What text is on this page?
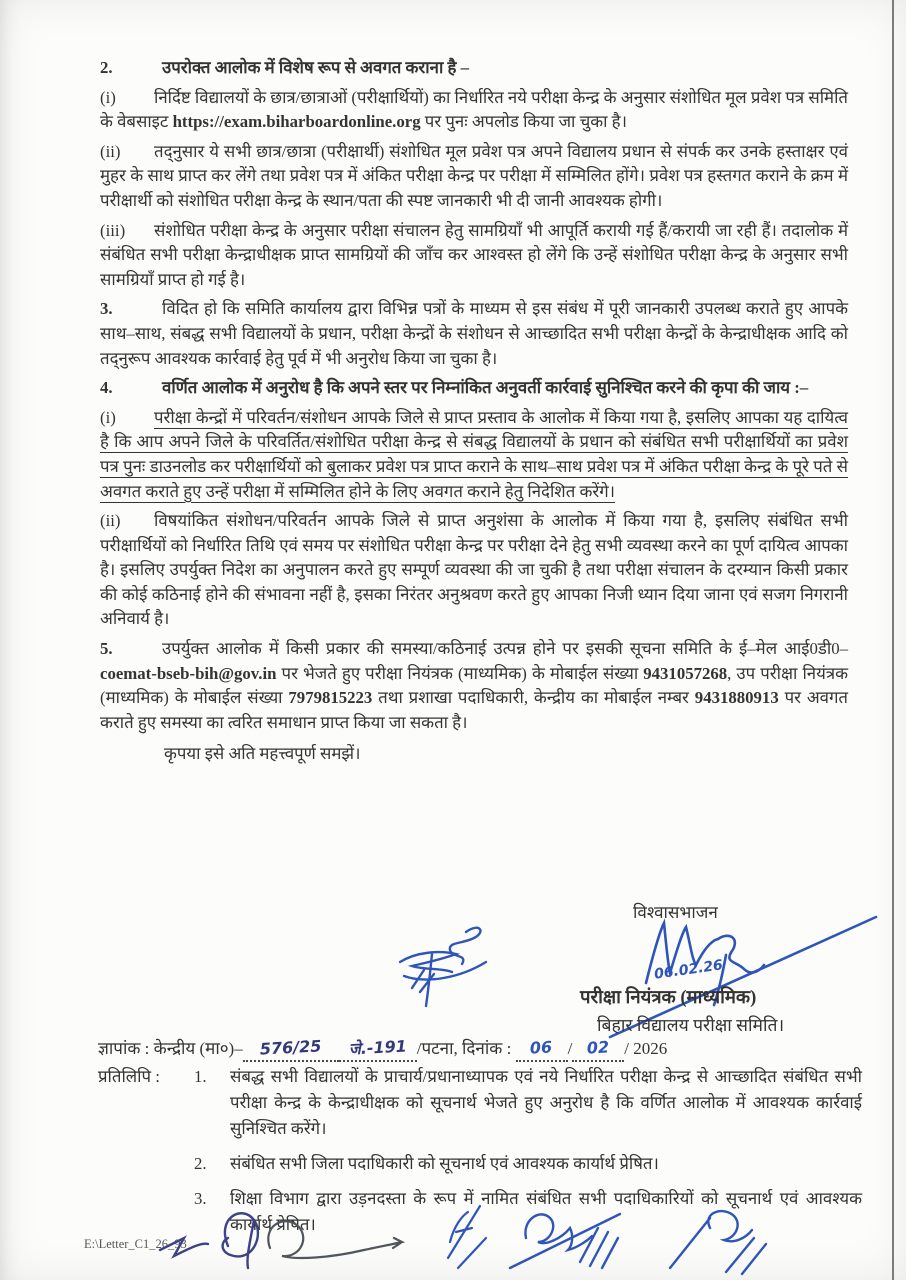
2.	उपरोक्त आलोक में विशेष रूप से अवगत कराना है –

(i) निर्दिष्ट विद्यालयों के छात्र/छात्राओं (परीक्षार्थियों) का निर्धारित नये परीक्षा केन्द्र के अनुसार संशोधित मूल प्रवेश पत्र समिति के वेबसाइट https://exam.biharboardonline.org पर पुनः अपलोड किया जा चुका है।

(ii) तद्नुसार ये सभी छात्र/छात्रा (परीक्षार्थी) संशोधित मूल प्रवेश पत्र अपने विद्यालय प्रधान से संपर्क कर उनके हस्ताक्षर एवं मुहर के साथ प्राप्त कर लेंगे तथा प्रवेश पत्र में अंकित परीक्षा केन्द्र पर परीक्षा में सम्मिलित होंगे। प्रवेश पत्र हस्तगत कराने के क्रम में परीक्षार्थी को संशोधित परीक्षा केन्द्र के स्थान/पता की स्पष्ट जानकारी भी दी जानी आवश्यक होगी।

(iii) संशोधित परीक्षा केन्द्र के अनुसार परीक्षा संचालन हेतु सामग्रियाँ भी आपूर्ति करायी गई हैं/करायी जा रही हैं। तदालोक में संबंधित सभी परीक्षा केन्द्राधीक्षक प्राप्त सामग्रियों की जाँच कर आश्वस्त हो लेंगे कि उन्हें संशोधित परीक्षा केन्द्र के अनुसार सभी सामग्रियाँ प्राप्त हो गई है।

3.	विदित हो कि समिति कार्यालय द्वारा विभिन्न पत्रों के माध्यम से इस संबंध में पूरी जानकारी उपलब्ध कराते हुए आपके साथ–साथ, संबद्ध सभी विद्यालयों के प्रधान, परीक्षा केन्द्रों के संशोधन से आच्छादित सभी परीक्षा केन्द्रों के केन्द्राधीक्षक आदि को तद्नुरूप आवश्यक कार्रवाई हेतु पूर्व में भी अनुरोध किया जा चुका है।

4.	वर्णित आलोक में अनुरोध है कि अपने स्तर पर निम्नांकित अनुवर्ती कार्रवाई सुनिश्चित करने की कृपा की जाय :–

(i) परीक्षा केन्द्रों में परिवर्तन/संशोधन आपके जिले से प्राप्त प्रस्ताव के आलोक में किया गया है, इसलिए आपका यह दायित्व है कि आप अपने जिले के परिवर्तित/संशोधित परीक्षा केन्द्र से संबद्ध विद्यालयों के प्रधान को संबंधित सभी परीक्षार्थियों का प्रवेश पत्र पुनः डाउनलोड कर परीक्षार्थियों को बुलाकर प्रवेश पत्र प्राप्त कराने के साथ–साथ प्रवेश पत्र में अंकित परीक्षा केन्द्र के पूरे पते से अवगत कराते हुए उन्हें परीक्षा में सम्मिलित होने के लिए अवगत कराने हेतु निदेशित करेंगे।

(ii) विषयांकित संशोधन/परिवर्तन आपके जिले से प्राप्त अनुशंसा के आलोक में किया गया है, इसलिए संबंधित सभी परीक्षार्थियों को निर्धारित तिथि एवं समय पर संशोधित परीक्षा केन्द्र पर परीक्षा देने हेतु सभी व्यवस्था करने का पूर्ण दायित्व आपका है। इसलिए उपर्युक्त निदेश का अनुपालन करते हुए सम्पूर्ण व्यवस्था की जा चुकी है तथा परीक्षा संचालन के दरम्यान किसी प्रकार की कोई कठिनाई होने की संभावना नहीं है, इसका निरंतर अनुश्रवण करते हुए आपका निजी ध्यान दिया जाना एवं सजग निगरानी अनिवार्य है।

5.	उपर्युक्त आलोक में किसी प्रकार की समस्या/कठिनाई उत्पन्न होने पर इसकी सूचना समिति के ई–मेल आई0डी0–coemat-bseb-bih@gov.in पर भेजते हुए परीक्षा नियंत्रक (माध्यमिक) के मोबाईल संख्या 9431057268, उप परीक्षा नियंत्रक (माध्यमिक) के मोबाईल संख्या 7979815223 तथा प्रशाखा पदाधिकारी, केन्द्रीय का मोबाईल नम्बर 9431880913 पर अवगत कराते हुए समस्या का त्वरित समाधान प्राप्त किया जा सकता है।

कृपया इसे अति महत्त्वपूर्ण समझें।

विश्वासभाजन
06.02.26
परीक्षा नियंत्रक (माध्यमिक)
बिहार विद्यालय परीक्षा समिति।
ज्ञापांक : केन्द्रीय (मा०)– 576/25 जे.-191 /पटना, दिनांक : 06 / 02 / 2026
प्रतिलिपि :	1.	संबद्ध सभी विद्यालयों के प्राचार्य/प्रधानाध्यापक एवं नये निर्धारित परीक्षा केन्द्र से आच्छादित संबंधित सभी परीक्षा केन्द्र के केन्द्राधीक्षक को सूचनार्थ भेजते हुए अनुरोध है कि वर्णित आलोक में आवश्यक कार्रवाई सुनिश्चित करेंगे।
2.	संबंधित सभी जिला पदाधिकारी को सूचनार्थ एवं आवश्यक कार्यार्थ प्रेषित।
3.	शिक्षा विभाग द्वारा उड़नदस्ता के रूप में नामित संबंधित सभी पदाधिकारियों को सूचनार्थ एवं आवश्यक कार्यार्थ प्रेषित।
E:\Letter_C1_26_93
